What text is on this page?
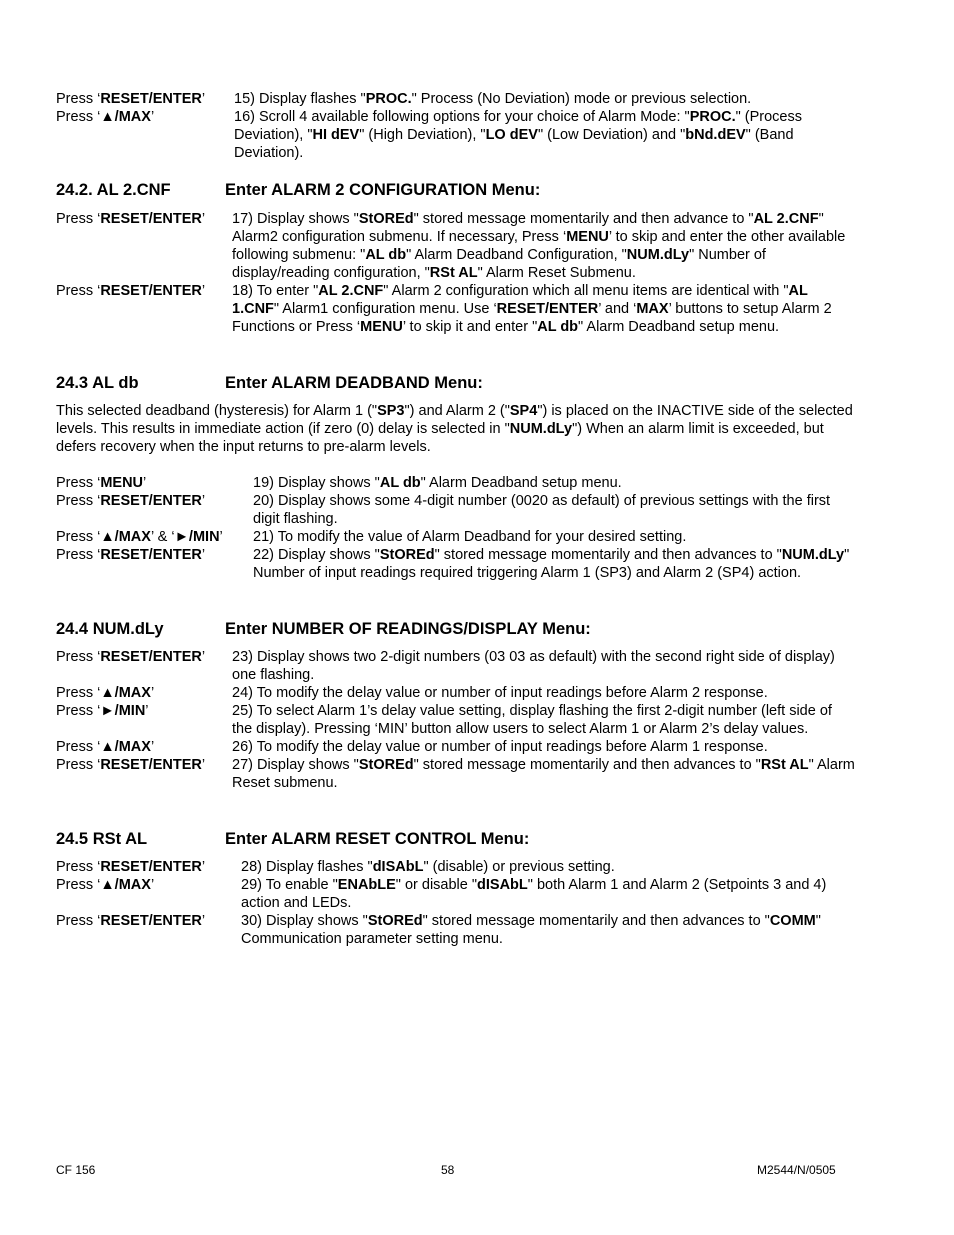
Press ‘RESET/ENTER’	15) Display flashes "PROC." Process (No Deviation) mode or previous selection.
Press ‘▲/MAX’	16) Scroll 4 available following options for your choice of Alarm Mode: "PROC." (Process Deviation), "HI dEV" (High Deviation), "LO dEV" (Low Deviation) and "bNd.dEV" (Band Deviation).
24.2. AL 2.CNF	Enter ALARM 2 CONFIGURATION Menu:
Press ‘RESET/ENTER’	17) Display shows "StOREd" stored message momentarily and then advance to "AL 2.CNF" Alarm2 configuration submenu. If necessary, Press ‘MENU’ to skip and enter the other available following submenu: "AL db" Alarm Deadband Configuration, "NUM.dLy" Number of display/reading configuration, "RSt AL" Alarm Reset Submenu.
Press ‘RESET/ENTER’	18) To enter "AL 2.CNF" Alarm 2 configuration which all menu items are identical with "AL 1.CNF" Alarm1 configuration menu. Use ‘RESET/ENTER’ and ‘MAX’ buttons to setup Alarm 2 Functions or Press ‘MENU’ to skip it and enter "AL db" Alarm Deadband setup menu.
24.3 AL db	Enter ALARM DEADBAND Menu:
This selected deadband (hysteresis) for Alarm 1 ("SP3") and Alarm 2 ("SP4") is placed on the INACTIVE side of the selected levels. This results in immediate action (if zero (0) delay is selected in "NUM.dLy") When an alarm limit is exceeded, but defers recovery when the input returns to pre-alarm levels.
Press ‘MENU’	19) Display shows "AL db" Alarm Deadband setup menu.
Press ‘RESET/ENTER’	20) Display shows some 4-digit number (0020 as default) of previous settings with the first digit flashing.
Press ‘▲/MAX’ & ‘►/MIN’	21) To modify the value of Alarm Deadband for your desired setting.
Press ‘RESET/ENTER’	22) Display shows "StOREd" stored message momentarily and then advances to "NUM.dLy" Number of input readings required triggering Alarm 1 (SP3) and Alarm 2 (SP4) action.
24.4 NUM.dLy	Enter NUMBER OF READINGS/DISPLAY Menu:
Press ‘RESET/ENTER’	23) Display shows two 2-digit numbers (03 03 as default) with the second right side of display) one flashing.
Press ‘▲/MAX’	24) To modify the delay value or number of input readings before Alarm 2 response.
Press ‘►/MIN’	25) To select Alarm 1’s delay value setting, display flashing the first 2-digit number (left side of the display). Pressing ‘MIN’ button allow users to select Alarm 1 or Alarm 2’s delay values.
Press ‘▲/MAX’	26) To modify the delay value or number of input readings before Alarm 1 response.
Press ‘RESET/ENTER’	27) Display shows "StOREd" stored message momentarily and then advances to "RSt AL" Alarm Reset submenu.
24.5 RSt AL	Enter ALARM RESET CONTROL Menu:
Press ‘RESET/ENTER’	28) Display flashes "dISAbL" (disable) or previous setting.
Press ‘▲/MAX’	29) To enable "ENAbLE" or disable "dISAbL" both Alarm 1 and Alarm 2 (Setpoints 3 and 4) action and LEDs.
Press ‘RESET/ENTER’	30) Display shows "StOREd" stored message momentarily and then advances to "COMM" Communication parameter setting menu.
CF 156	58	M2544/N/0505
